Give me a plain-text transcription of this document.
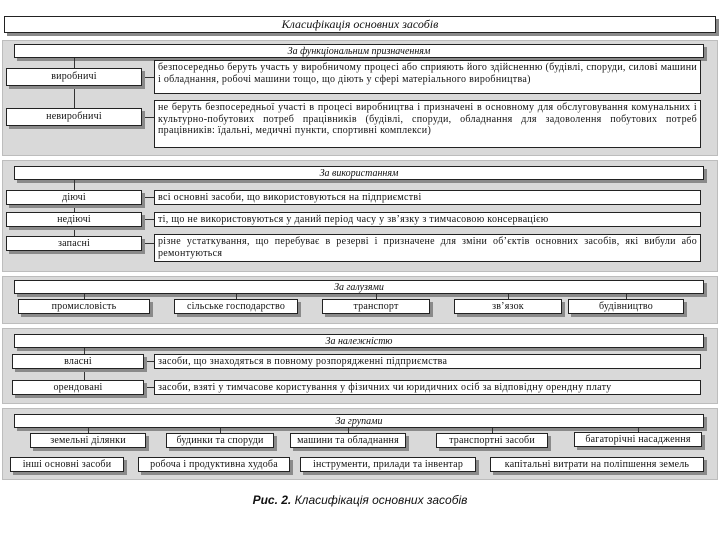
Класифікація основних засобів
За функціональним призначенням
виробничі
безпосередньо беруть участь у виробничому процесі або сприяють його здійсненню (будівлі, споруди, силові машини і обладнання, робочі машини тощо, що діють у сфері матеріального виробництва)
невиробничі
не беруть безпосередньої участі в процесі виробництва і призначені в основному для обслуговування комунальних і культурно-побутових потреб працівників (будівлі, споруди, обладнання для задоволення побутових потреб працівників: їдальні, медичні пункти, спортивні комплекси)
За використанням
діючі	всі основні засоби, що використовуються на підприємстві
недіючі	ті, що не використовуються у даний період часу у зв’язку з тимчасовою консервацією
запасні	різне устаткування, що перебуває в резерві і призначене для зміни об’єктів основних засобів, які вибули або ремонтуються
За галузями
промисловість	сільське господарство	транспорт	зв’язок	будівництво
За належністю
власні	засоби, що знаходяться в повному розпорядженні підприємства
орендовані	засоби, взяті у тимчасове користування у фізичних чи юридичних осіб за відповідну орендну плату
За групами
земельні ділянки	будинки та споруди	машини та обладнання	транспортні засоби	багаторічні насадження
інші основні засоби	робоча і продуктивна худоба	інструменти, прилади та інвентар	капітальні витрати на поліпшення земель
Рис. 2. Класифікація основних засобів
